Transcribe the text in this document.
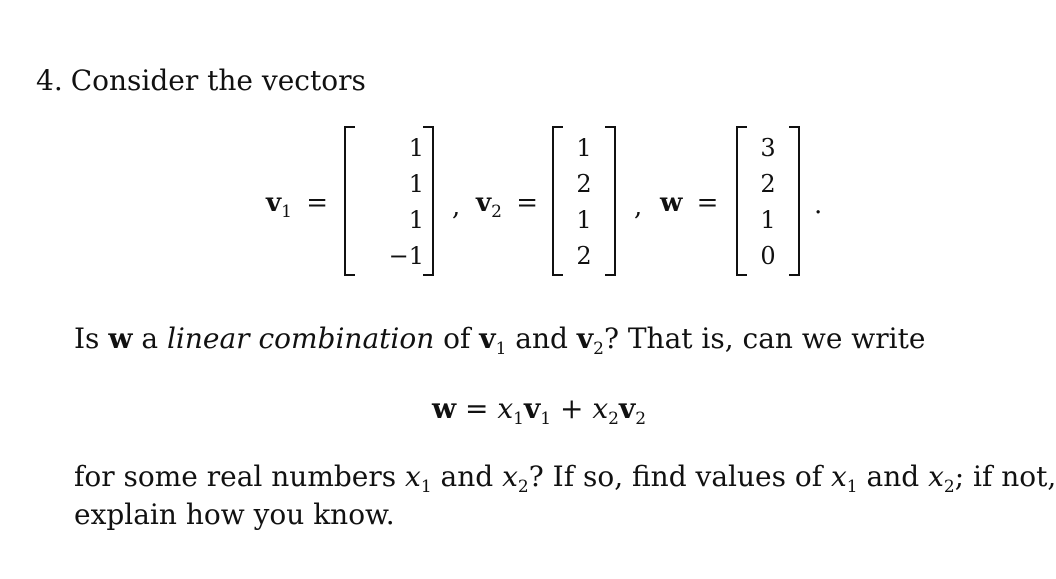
4. Consider the vectors
$v_1$ =
1
1
1
−1
, $v_2$ =
1
2
1
2
, w =
3
2
1
0
.
Is w a linear combination of $v_1$ and $v_2$? That is, can we write
$w = x_1v_1 + x_2v_2$
for some real numbers $x_1$ and $x_2$? If so, find values of $x_1$ and $x_2$; if not,
explain how you know.
